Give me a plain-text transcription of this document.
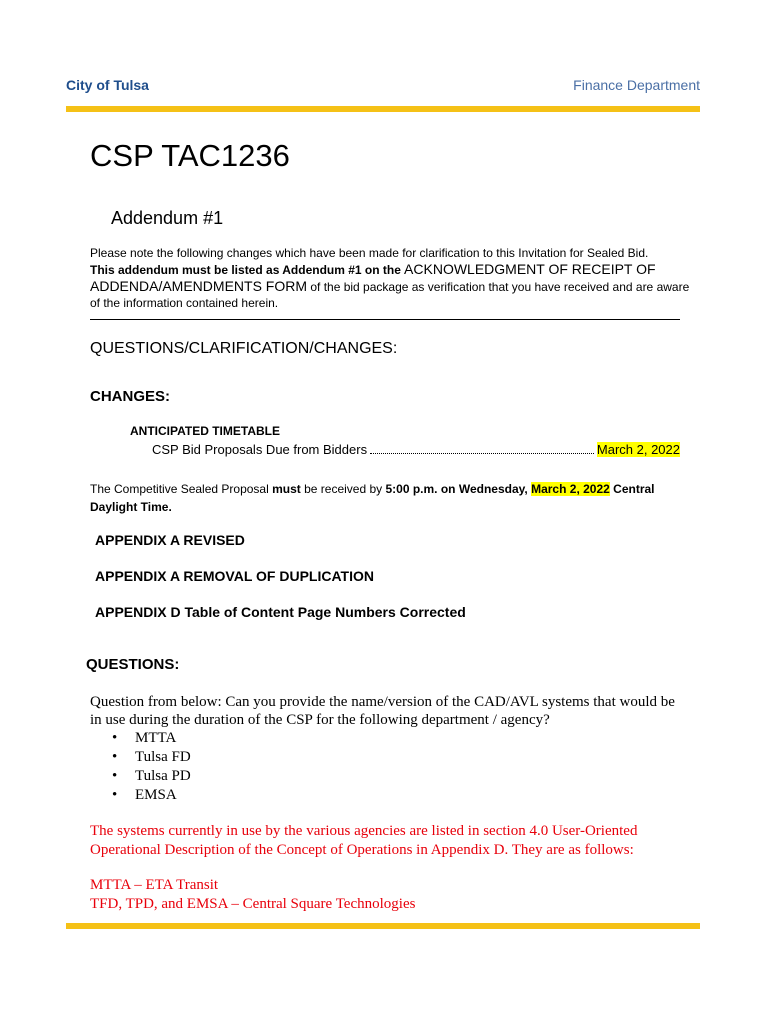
City of Tulsa	Finance Department
CSP TAC1236
Addendum #1
Please note the following changes which have been made for clarification to this Invitation for Sealed Bid.
This addendum must be listed as Addendum #1 on the ACKNOWLEDGMENT OF RECEIPT OF
ADDENDA/AMENDMENTS FORM of the bid package as verification that you have received and are aware of the information contained herein.
QUESTIONS/CLARIFICATION/CHANGES:
CHANGES:
ANTICIPATED TIMETABLE
CSP Bid Proposals Due from Bidders	March 2, 2022
The Competitive Sealed Proposal must be received by 5:00 p.m. on Wednesday, March 2, 2022 Central Daylight Time.
APPENDIX A REVISED
APPENDIX A REMOVAL OF DUPLICATION
APPENDIX D Table of Content Page Numbers Corrected
QUESTIONS:
Question from below: Can you provide the name/version of the CAD/AVL systems that would be in use during the duration of the CSP for the following department / agency?
• MTTA
• Tulsa FD
• Tulsa PD
• EMSA
The systems currently in use by the various agencies are listed in section 4.0 User-Oriented Operational Description of the Concept of Operations in Appendix D. They are as follows:
MTTA – ETA Transit
TFD, TPD, and EMSA – Central Square Technologies
